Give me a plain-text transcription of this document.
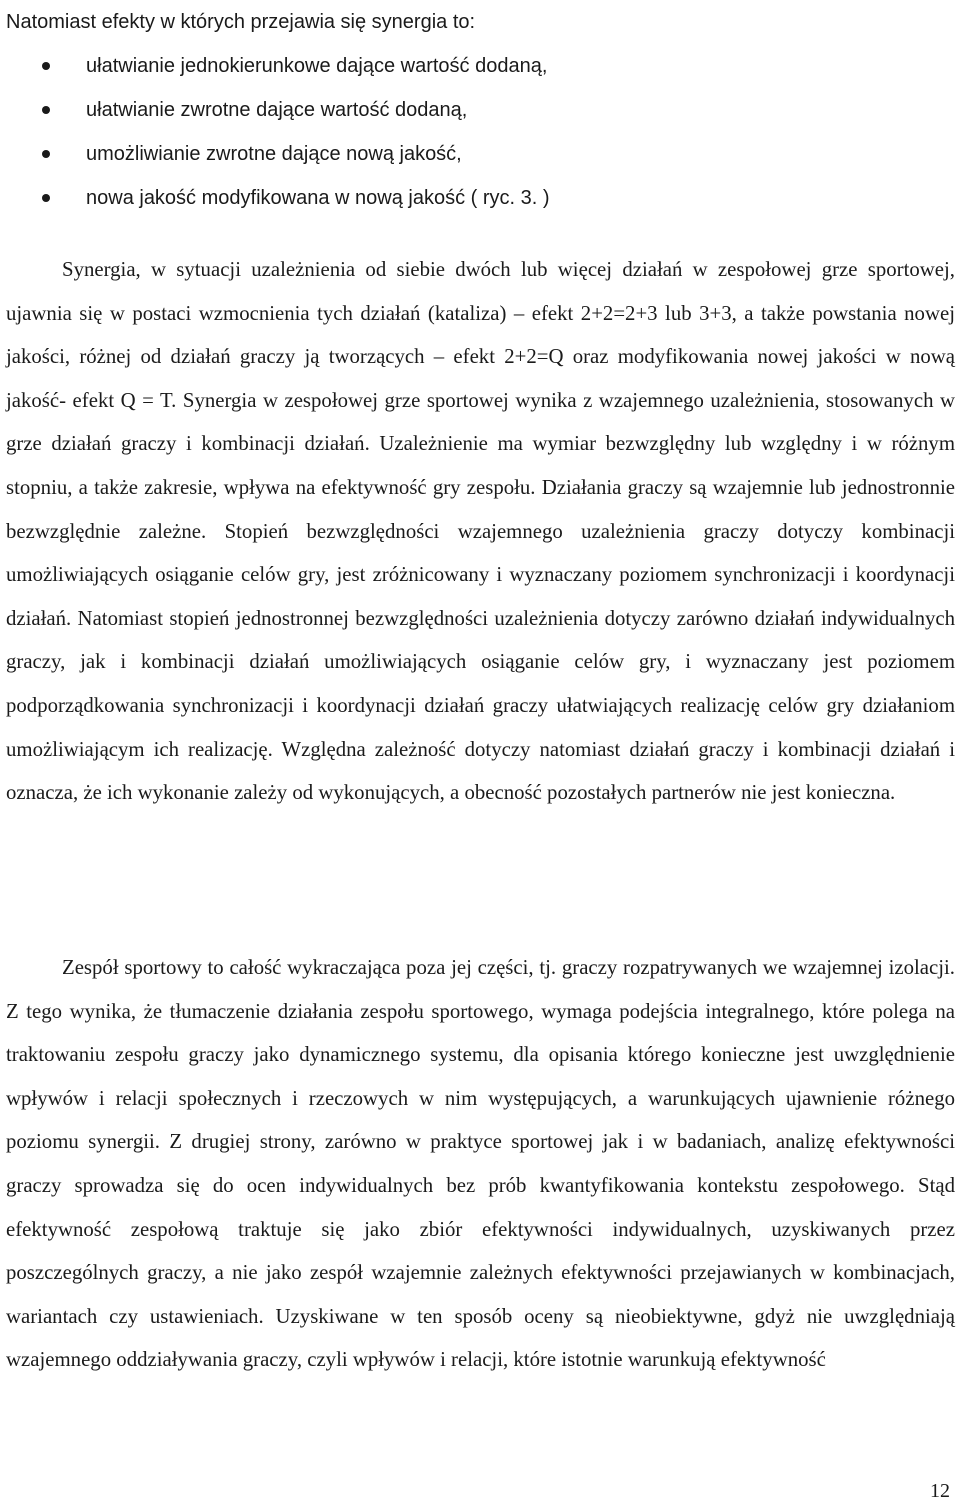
Natomiast efekty w których przejawia się synergia to:

ułatwianie jednokierunkowe dające wartość dodaną,
ułatwianie zwrotne dające wartość dodaną,
umożliwianie zwrotne dające nową jakość,
nowa jakość modyfikowana w nową jakość ( ryc. 3. )

Synergia, w sytuacji uzależnienia od siebie dwóch lub więcej działań w zespołowej grze sportowej, ujawnia się w postaci wzmocnienia tych działań (kataliza) – efekt 2+2=2+3 lub 3+3, a także powstania nowej jakości, różnej od działań graczy ją tworzących – efekt 2+2=Q oraz modyfikowania nowej jakości w nową jakość- efekt Q = T. Synergia w zespołowej grze sportowej wynika z wzajemnego uzależnienia, stosowanych w grze działań graczy i kombinacji działań. Uzależnienie ma wymiar bezwzględny lub względny i w różnym stopniu, a także zakresie, wpływa na efektywność gry zespołu. Działania graczy są wzajemnie lub jednostronnie bezwzględnie zależne. Stopień bezwzględności wzajemnego uzależnienia graczy dotyczy kombinacji umożliwiających osiąganie celów gry, jest zróżnicowany i wyznaczany poziomem synchronizacji i koordynacji działań. Natomiast stopień jednostronnej bezwzględności uzależnienia dotyczy zarówno działań indywidualnych graczy, jak i kombinacji działań umożliwiających osiąganie celów gry, i wyznaczany jest poziomem podporządkowania synchronizacji i koordynacji działań graczy ułatwiających realizację celów gry działaniom umożliwiającym ich realizację. Względna zależność dotyczy natomiast działań graczy i kombinacji działań i oznacza, że ich wykonanie zależy od wykonujących, a obecność pozostałych partnerów nie jest konieczna.

Zespół sportowy to całość wykraczająca poza jej części, tj. graczy rozpatrywanych we wzajemnej izolacji. Z tego wynika, że tłumaczenie działania zespołu sportowego, wymaga podejścia integralnego, które polega na traktowaniu zespołu graczy jako dynamicznego systemu, dla opisania którego konieczne jest uwzględnienie wpływów i relacji społecznych i rzeczowych w nim występujących, a warunkujących ujawnienie różnego poziomu synergii. Z drugiej strony, zarówno w praktyce sportowej jak i w badaniach, analizę efektywności graczy sprowadza się do ocen indywidualnych bez prób kwantyfikowania kontekstu zespołowego. Stąd efektywność zespołową traktuje się jako zbiór efektywności indywidualnych, uzyskiwanych przez poszczególnych graczy, a nie jako zespół wzajemnie zależnych efektywności przejawianych w kombinacjach, wariantach czy ustawieniach. Uzyskiwane w ten sposób oceny są nieobiektywne, gdyż nie uwzględniają wzajemnego oddziaływania graczy, czyli wpływów i relacji, które istotnie warunkują efektywność

12
